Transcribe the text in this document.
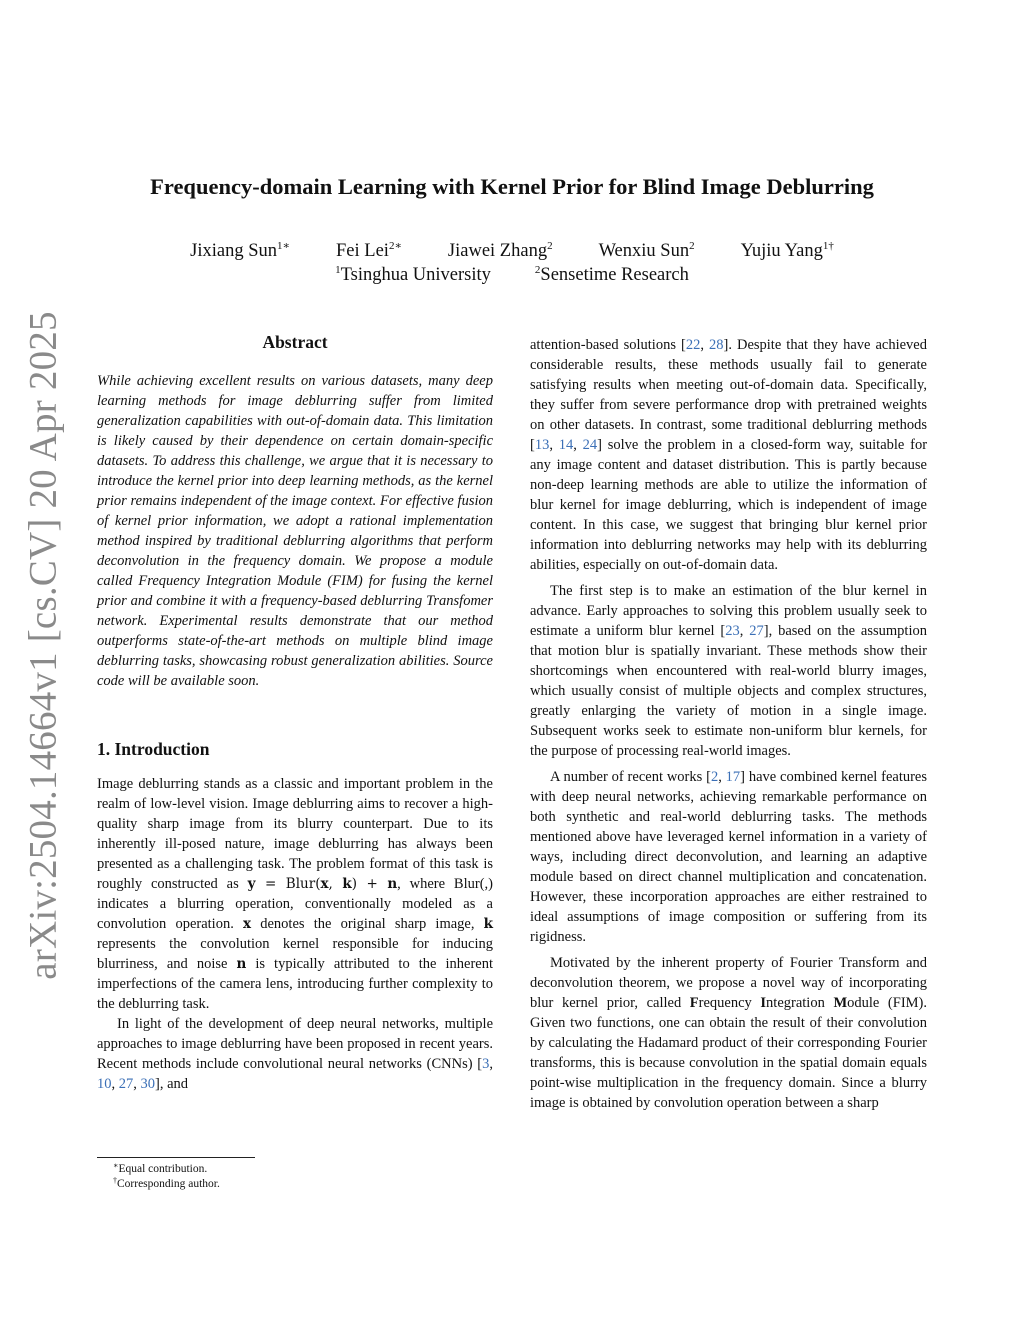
arXiv:2504.14664v1 [cs.CV] 20 Apr 2025
Frequency-domain Learning with Kernel Prior for Blind Image Deblurring
Jixiang Sun$^{1∗}$ Fei Lei$^{2∗}$ Jiawei Zhang$^2$ Wenxiu Sun$^2$ Yujiu Yang$^{1\dagger}$
$^1$Tsinghua University	$^2$Sensetime Research
Abstract

While achieving excellent results on various datasets, many deep learning methods for image deblurring suffer from limited generalization capabilities with out-of-domain data. This limitation is likely caused by their dependence on certain domain-specific datasets. To address this challenge, we argue that it is necessary to introduce the kernel prior into deep learning methods, as the kernel prior remains independent of the image context. For effective fusion of kernel prior information, we adopt a rational implementation method inspired by traditional deblurring algorithms that perform deconvolution in the frequency domain. We propose a module called Frequency Integration Module (FIM) for fusing the kernel prior and combine it with a frequency-based deblurring Transfomer network. Experimental results demonstrate that our method outperforms state-of-the-art methods on multiple blind image deblurring tasks, showcasing robust generalization abilities. Source code will be available soon.

1. Introduction

Image deblurring stands as a classic and important problem in the realm of low-level vision. Image deblurring aims to recover a high-quality sharp image from its blurry counterpart. Due to its inherently ill-posed nature, image deblurring has always been presented as a challenging task. The problem format of this task is roughly constructed as y = Blur(x, k) + n, where Blur(,) indicates a blurring operation, conventionally modeled as a convolution operation. x denotes the original sharp image, k represents the convolution kernel responsible for inducing blurriness, and noise n is typically attributed to the inherent imperfections of the camera lens, introducing further complexity to the deblurring task.

In light of the development of deep neural networks, multiple approaches to image deblurring have been proposed in recent years. Recent methods include convolutional neural networks (CNNs) [3, 10, 27, 30], and

∗Equal contribution.
†Corresponding author.

attention-based solutions [22, 28]. Despite that they have achieved considerable results, these methods usually fail to generate satisfying results when meeting out-of-domain data. Specifically, they suffer from severe performance drop with pretrained weights on other datasets. In contrast, some traditional deblurring methods [13, 14, 24] solve the problem in a closed-form way, suitable for any image content and dataset distribution. This is partly because non-deep learning methods are able to utilize the information of blur kernel for image deblurring, which is independent of image content. In this case, we suggest that bringing blur kernel prior information into deblurring networks may help with its deblurring abilities, especially on out-of-domain data.

The first step is to make an estimation of the blur kernel in advance. Early approaches to solving this problem usually seek to estimate a uniform blur kernel [23, 27], based on the assumption that motion blur is spatially invariant. These methods show their shortcomings when encountered with real-world blurry images, which usually consist of multiple objects and complex structures, greatly enlarging the variety of motion in a single image. Subsequent works seek to estimate non-uniform blur kernels, for the purpose of processing real-world images.

A number of recent works [2, 17] have combined kernel features with deep neural networks, achieving remarkable performance on both synthetic and real-world deblurring tasks. The methods mentioned above have leveraged kernel information in a variety of ways, including direct deconvolution, and learning an adaptive module based on direct channel multiplication and concatenation. However, these incorporation approaches are either restrained to ideal assumptions of image composition or suffering from its rigidness.

Motivated by the inherent property of Fourier Transform and deconvolution theorem, we propose a novel way of incorporating blur kernel prior, called Frequency Integration Module (FIM). Given two functions, one can obtain the result of their convolution by calculating the Hadamard product of their corresponding Fourier transforms, this is because convolution in the spatial domain equals point-wise multiplication in the frequency domain. Since a blurry image is obtained by convolution operation between a sharp
